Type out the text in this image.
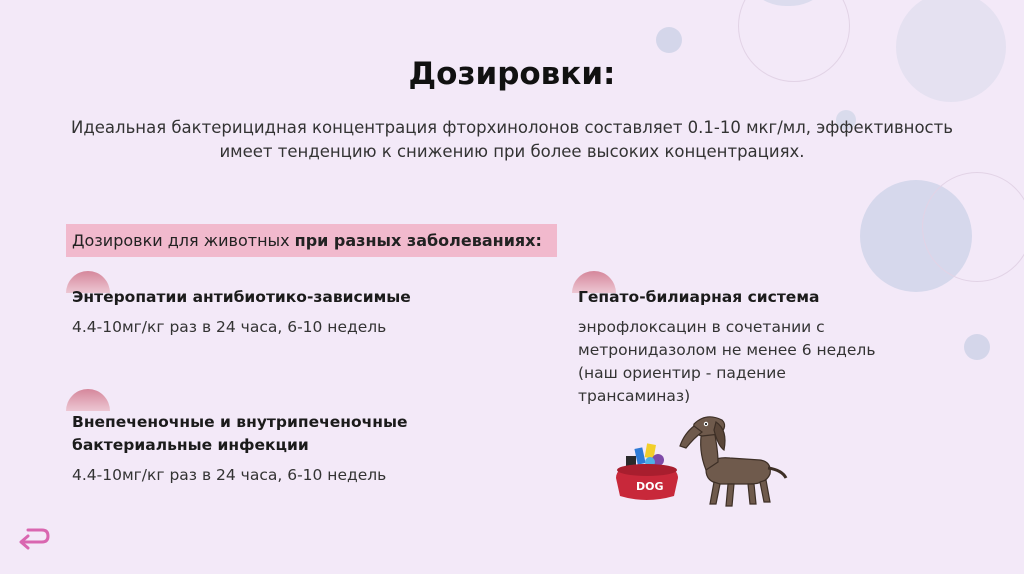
Дозировки:

Идеальная бактерицидная концентрация фторхинолонов составляет 0.1-10 мкг/мл, эффективность имеет тенденцию к снижению при более высоких концентрациях.

Дозировки для животных при разных заболеваниях:

Энтеропатии антибиотико-зависимые

4.4-10мг/кг раз в 24 часа, 6-10 недель

Гепато-билиарная система

энрофлоксацин в сочетании с метронидазолом не менее 6 недель (наш ориентир - падение трансаминаз)

Внепеченочные и внутрипеченочные бактериальные инфекции

4.4-10мг/кг раз в 24 часа, 6-10 недель

DOG
